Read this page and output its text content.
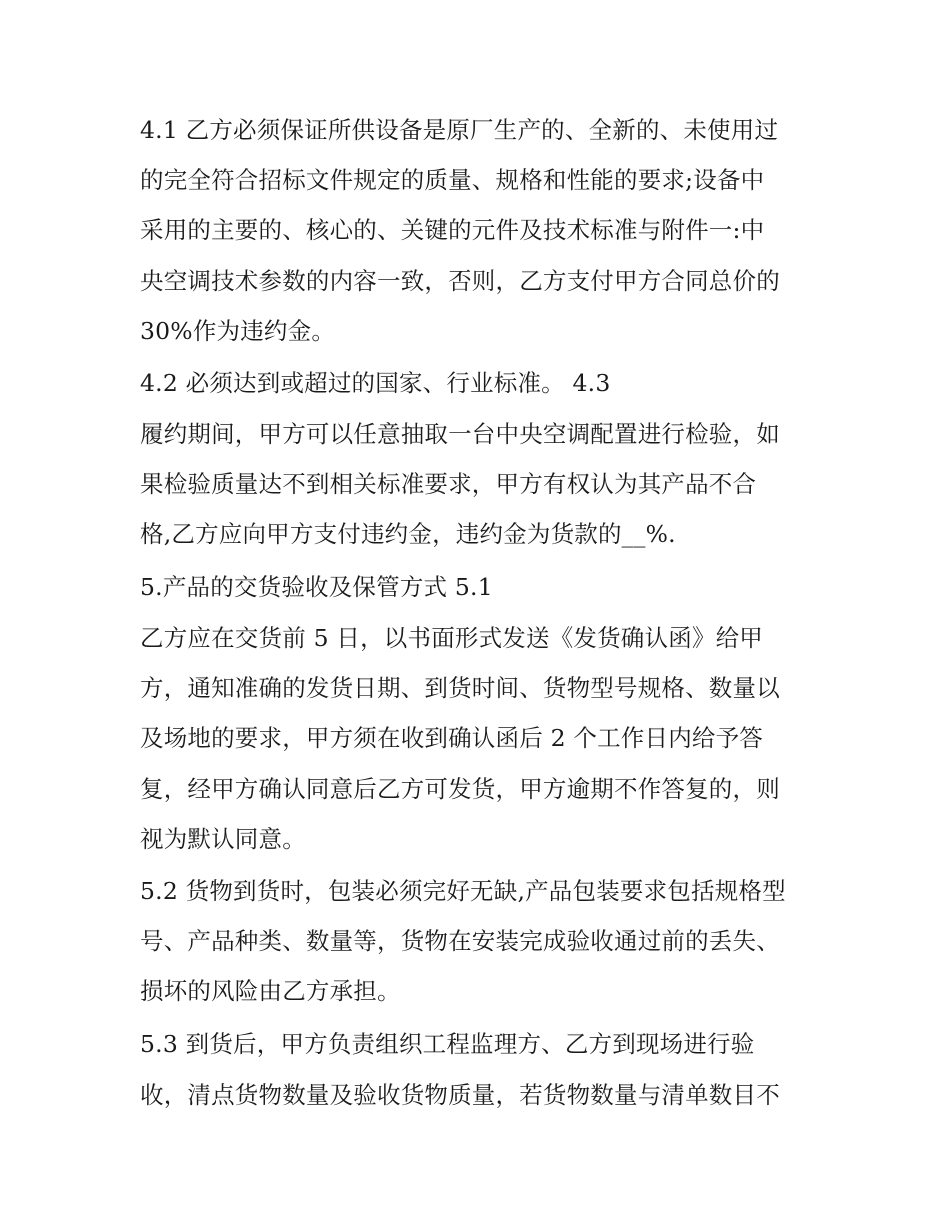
4.1 乙方必须保证所供设备是原厂生产的、全新的、未使用过
的完全符合招标文件规定的质量、规格和性能的要求;设备中
采用的主要的、核心的、关键的元件及技术标准与附件一:中
央空调技术参数的内容一致，否则，乙方支付甲方合同总价的
30%作为违约金。
4.2 必须达到或超过的国家、行业标准。 4.3
履约期间，甲方可以任意抽取一台中央空调配置进行检验，如
果检验质量达不到相关标准要求，甲方有权认为其产品不合
格,乙方应向甲方支付违约金，违约金为货款的__%.
5.产品的交货验收及保管方式 5.1
乙方应在交货前 5 日，以书面形式发送《发货确认函》给甲
方，通知准确的发货日期、到货时间、货物型号规格、数量以
及场地的要求，甲方须在收到确认函后 2 个工作日内给予答
复，经甲方确认同意后乙方可发货，甲方逾期不作答复的，则
视为默认同意。
5.2 货物到货时，包装必须完好无缺,产品包装要求包括规格型
号、产品种类、数量等，货物在安装完成验收通过前的丢失、
损坏的风险由乙方承担。
5.3 到货后，甲方负责组织工程监理方、乙方到现场进行验
收，清点货物数量及验收货物质量，若货物数量与清单数目不
